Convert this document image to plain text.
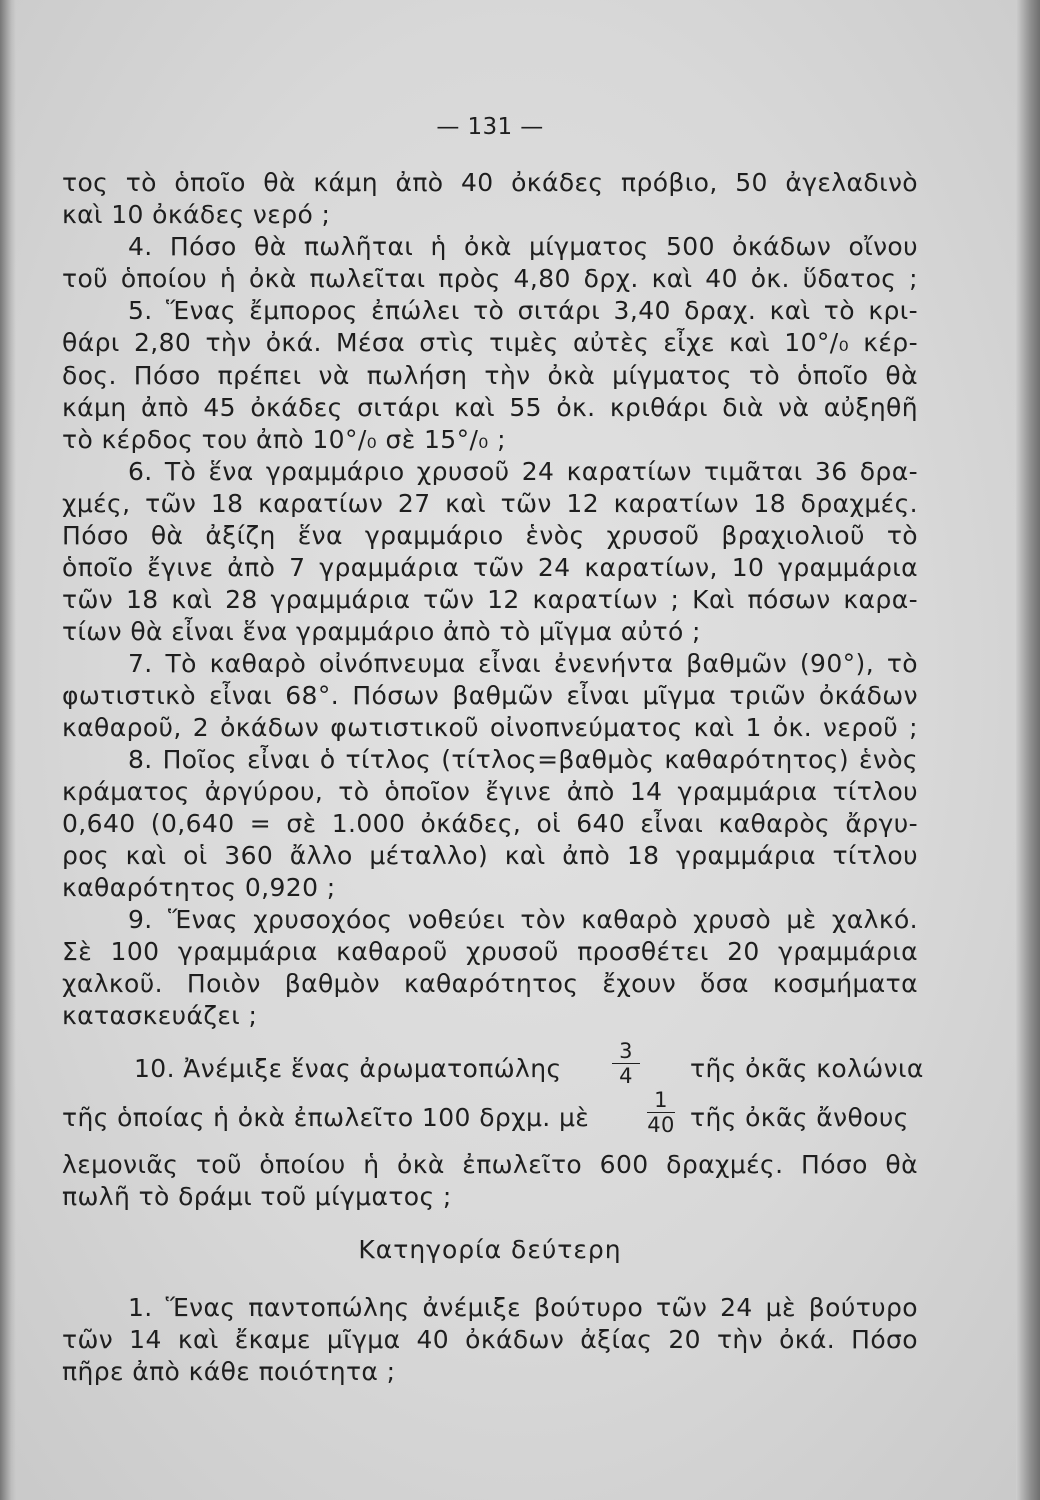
— 131 —
τος τὸ ὁποῖο θὰ κάμη ἀπὸ 40 ὀκάδες πρόβιο, 50 ἀγελαδινὸ
καὶ 10 ὀκάδες νερό ;
4. Πόσο θὰ πωλῆται ἡ ὀκὰ μίγματος 500 ὀκάδων οἴνου
τοῦ ὁποίου ἡ ὀκὰ πωλεῖται πρὸς 4,80 δρχ. καὶ 40 ὀκ. ὕδατος ;
5. Ἕνας ἔμπορος ἐπώλει τὸ σιτάρι 3,40 δραχ. καὶ τὸ κρι-
θάρι 2,80 τὴν ὀκά. Μέσα στὶς τιμὲς αὐτὲς εἶχε καὶ 10°/₀ κέρ-
δος. Πόσο πρέπει νὰ πωλήση τὴν ὀκὰ μίγματος τὸ ὁποῖο θὰ
κάμη ἀπὸ 45 ὀκάδες σιτάρι καὶ 55 ὀκ. κριθάρι διὰ νὰ αὐξηθῆ
τὸ κέρδος του ἀπὸ 10°/₀ σὲ 15°/₀ ;
6. Τὸ ἕνα γραμμάριο χρυσοῦ 24 καρατίων τιμᾶται 36 δρα-
χμές, τῶν 18 καρατίων 27 καὶ τῶν 12 καρατίων 18 δραχμές.
Πόσο θὰ ἀξίζη ἕνα γραμμάριο ἑνὸς χρυσοῦ βραχιολιοῦ τὸ
ὁποῖο ἔγινε ἀπὸ 7 γραμμάρια τῶν 24 καρατίων, 10 γραμμάρια
τῶν 18 καὶ 28 γραμμάρια τῶν 12 καρατίων ; Καὶ πόσων καρα-
τίων θὰ εἶναι ἕνα γραμμάριο ἀπὸ τὸ μῖγμα αὐτό ;
7. Τὸ καθαρὸ οἰνόπνευμα εἶναι ἐνενήντα βαθμῶν (90°), τὸ
φωτιστικὸ εἶναι 68°. Πόσων βαθμῶν εἶναι μῖγμα τριῶν ὀκάδων
καθαροῦ, 2 ὀκάδων φωτιστικοῦ οἰνοπνεύματος καὶ 1 ὀκ. νεροῦ ;
8. Ποῖος εἶναι ὁ τίτλος (τίτλος=βαθμὸς καθαρότητος) ἑνὸς
κράματος ἀργύρου, τὸ ὁποῖον ἔγινε ἀπὸ 14 γραμμάρια τίτλου
0,640 (0,640 = σὲ 1.000 ὀκάδες, οἱ 640 εἶναι καθαρὸς ἄργυ-
ρος καὶ οἱ 360 ἄλλο μέταλλο) καὶ ἀπὸ 18 γραμμάρια τίτλου
καθαρότητος 0,920 ;
9. Ἕνας χρυσοχόος νοθεύει τὸν καθαρὸ χρυσὸ μὲ χαλκό.
Σὲ 100 γραμμάρια καθαροῦ χρυσοῦ προσθέτει 20 γραμμάρια
χαλκοῦ. Ποιὸν βαθμὸν καθαρότητος ἔχουν ὅσα κοσμήματα
κατασκευάζει ;
10. Ἀνέμιξε ἕνας ἀρωματοπώλης
3
4	τῆς ὀκᾶς κολώνια
τῆς ὁποίας ἡ ὀκὰ ἐπωλεῖτο 100 δρχμ. μὲ
1
40 τῆς ὀκᾶς ἄνθους
λεμονιᾶς τοῦ ὁποίου ἡ ὀκὰ ἐπωλεῖτο 600 δραχμές. Πόσο θὰ
πωλῆ τὸ δράμι τοῦ μίγματος ;
Κατηγορία δεύτερη
1. Ἕνας παντοπώλης ἀνέμιξε βούτυρο τῶν 24 μὲ βούτυρο
τῶν 14 καὶ ἔκαμε μῖγμα 40 ὀκάδων ἀξίας 20 τὴν ὀκά. Πόσο
πῆρε ἀπὸ κάθε ποιότητα ;
